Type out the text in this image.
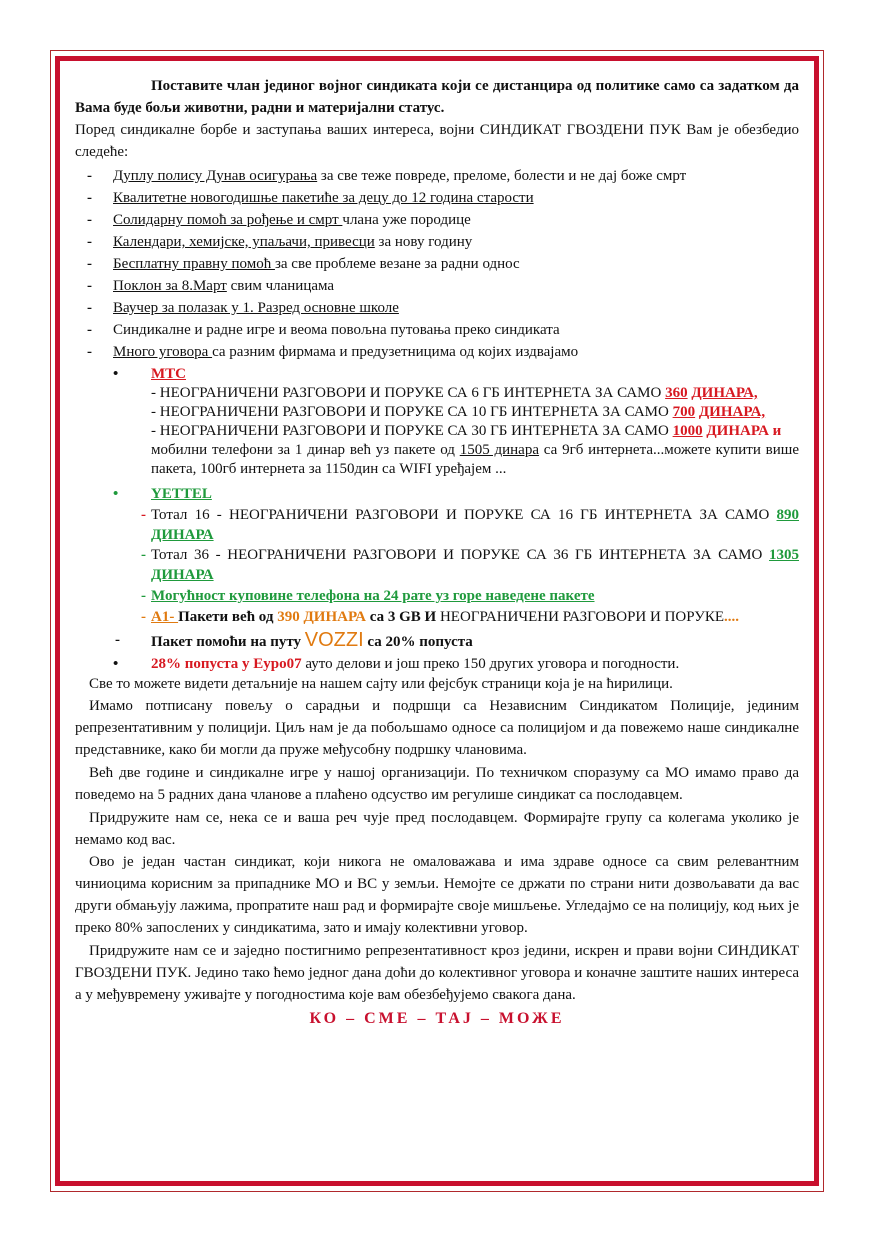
Поставите члан јединог војног синдиката који се дистанцира од политике само са задатком да Вама буде бољи животни, радни и материјални статус.

Поред синдикалне борбе и заступања ваших интереса, војни СИНДИКАТ ГВОЗДЕНИ ПУК Вам је обезбедио следеће:

- Дуплу полису Дунав осигурања за све теже повреде, преломе, болести и не дај боже смрт
- Квалитетне новогодишње пакетиће за децу до 12 година старости
- Солидарну помоћ за рођење и смрт члана уже породице
- Календари, хемијске, упаљачи, привесци за нову годину
- Бесплатну правну помоћ за све проблеме везане за радни однос
- Поклон за 8.Март свим члaницама
- Ваучер за полазак у 1. Разред основне школе
- Синдикалне и радне игре и веома повољна путовања преко синдиката
- Много уговора са разним фирмама и предузетницима од којих издвајамо
• МТС
- НЕОГРАНИЧЕНИ РАЗГОВОРИ И ПОРУКЕ СА 6 ГБ ИНТЕРНЕТА ЗА САМО 360 ДИНАРА,
- НЕОГРАНИЧЕНИ РАЗГОВОРИ И ПОРУКЕ СА 10 ГБ ИНТЕРНЕТА ЗА САМО 700 ДИНАРА,
- НЕОГРАНИЧЕНИ РАЗГОВОРИ И ПОРУКЕ СА 30 ГБ ИНТЕРНЕТА ЗА САМО 1000 ДИНАРА и
мобилни телефони за 1 динар већ уз пакете од 1505 динара са 9гб интернета...можете купити више пакета, 100гб интернета за 1150дин са WIFI уређајем ...
• YETTEL
- Тотал 16 - НЕОГРАНИЧЕНИ РАЗГОВОРИ И ПОРУКЕ СА 16 ГБ ИНТЕРНЕТА ЗА САМО 890 ДИНАРА
- Тотал 36 - НЕОГРАНИЧЕНИ РАЗГОВОРИ И ПОРУКЕ СА 36 ГБ ИНТЕРНЕТА ЗА САМО 1305 ДИНАРА
- Могућност куповине телефона на 24 рате уз горе наведене пакете
- А1- Пакети већ од 390 ДИНАРА са 3 GB И НЕОГРАНИЧЕНИ РАЗГОВОРИ И ПОРУКЕ....
- Пакет помоћи на путу VOZZI са 20% попуста
• 28% попуста у Еуро07 ауто делови и још преко 150 других уговора и погодности.

Све то можете видети детаљније на нашем сајту или фејсбук страници која је на ћирилици.

Имамо потписану повељу о сарадњи и подршци са Независним Синдикатом Полиције, јединим репрезентативним у полицији. Циљ нам је да побољшамо односе са полицијом и да повежемо наше синдикалне представнике, како би могли да пруже међусобну подршку члановима.

Већ две године и синдикалне игре у нашој организацији. По техничком споразуму са МО имамо право да поведемо на 5 радних дана чланове а плаћено одсуство им регулише синдикат са послодавцем.

Придружите нам се, нека се и ваша реч чује пред послодавцем. Формирајте групу са колегама уколико је немамо код вас.

Ово је један частан синдикат, који никога не омаловажава и има здраве односе са свим релевантним чиниоцима корисним за припаднике МО и ВС у земљи. Немојте се држати по страни нити дозвољавати да вас други обмањују лажима, пропратите наш рад и формирајте своје мишљење. Угледајмо се на полицију, код њих је преко 80% запослених у синдикатима, зато и имају колективни уговор.

Придружите нам се и заједно постигнимо репрезентативност кроз једини, искрен и прави војни СИНДИКАТ ГВОЗДЕНИ ПУК. Једино тако ћемо једног дана доћи до колективног уговора и коначне заштите наших интереса а у међувремену уживајте у погодностима које вам обезбеђујемо свакога дана.

КО – СМЕ – ТАЈ – МОЖЕ
